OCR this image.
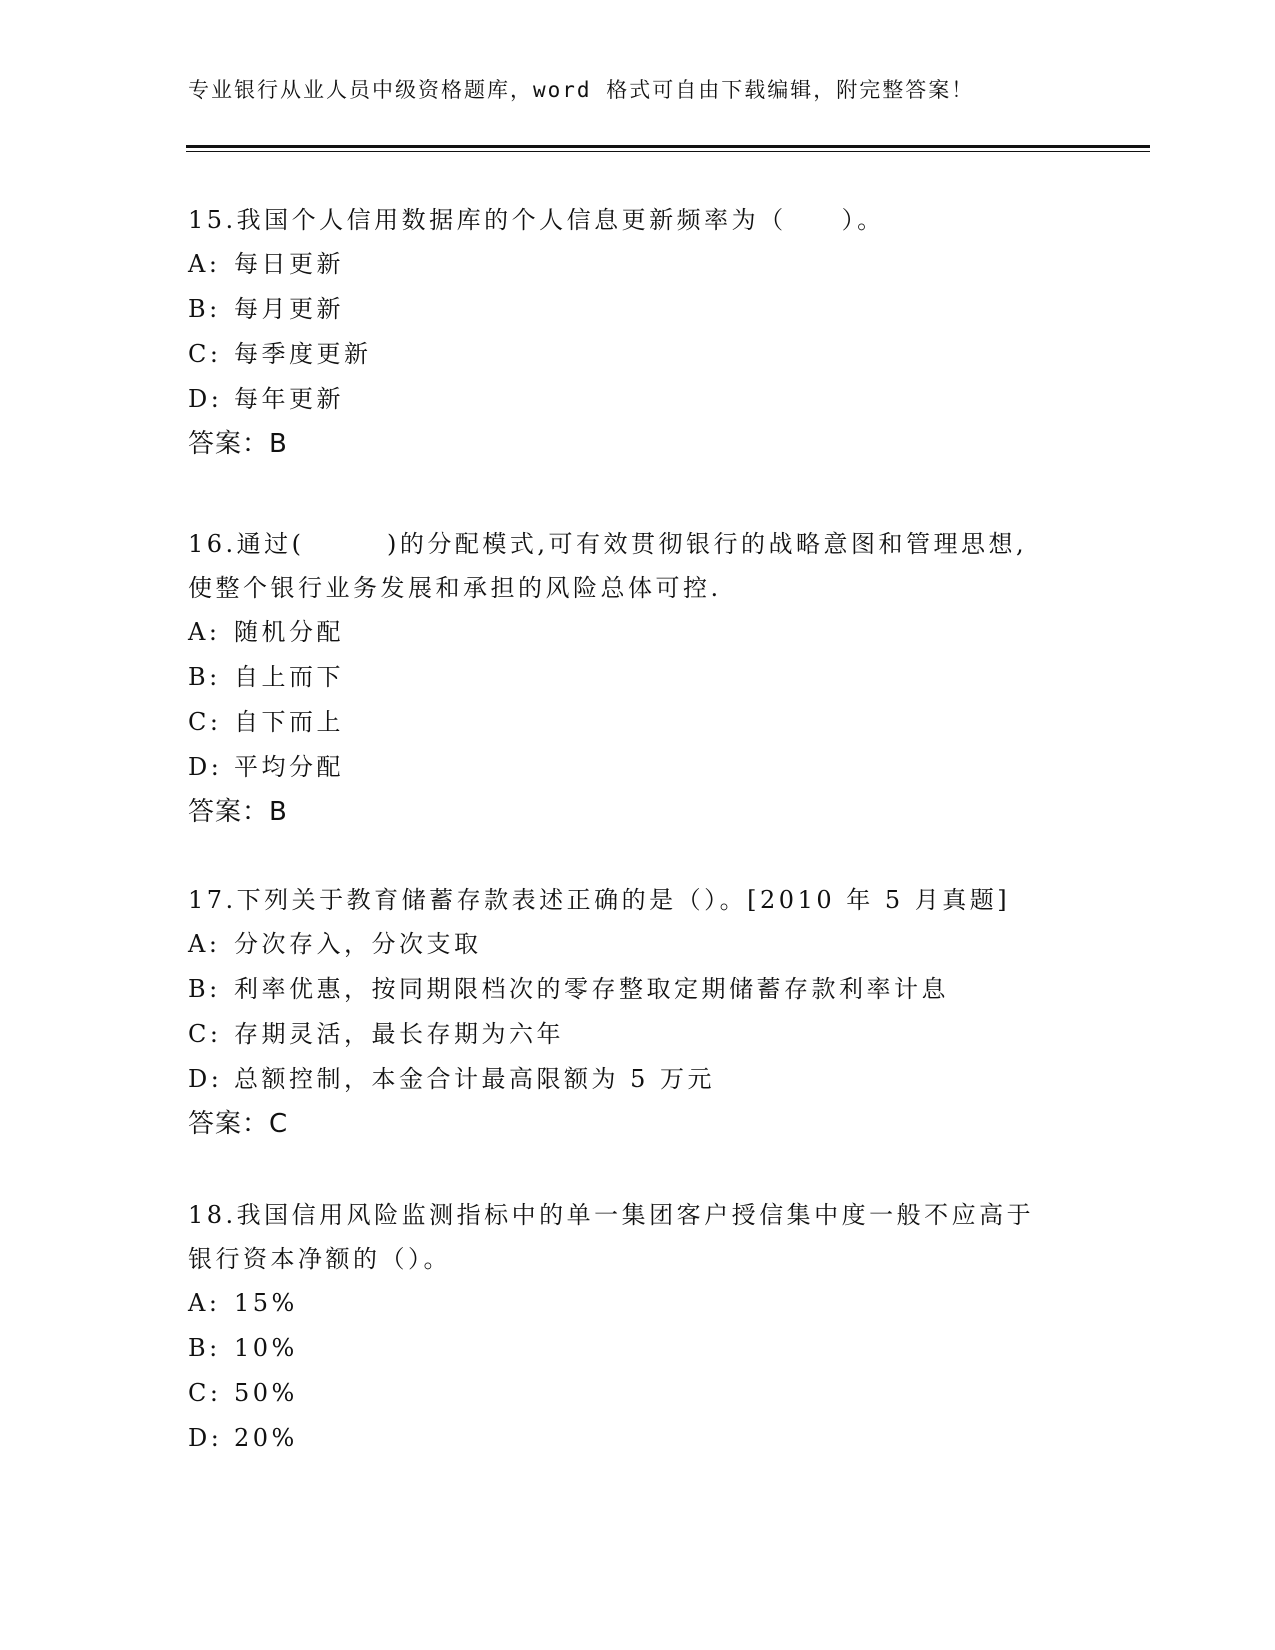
专业银行从业人员中级资格题库，word 格式可自由下载编辑，附完整答案！
15.我国个人信用数据库的个人信息更新频率为（　　）。
A: 每日更新
B: 每月更新
C: 每季度更新
D: 每年更新
答案：B
16.通过(　　　)的分配模式,可有效贯彻银行的战略意图和管理思想,
使整个银行业务发展和承担的风险总体可控.
A: 随机分配
B: 自上而下
C: 自下而上
D: 平均分配
答案：B
17.下列关于教育储蓄存款表述正确的是（）。[2010 年 5 月真题]
A: 分次存入，分次支取
B: 利率优惠，按同期限档次的零存整取定期储蓄存款利率计息
C: 存期灵活，最长存期为六年
D: 总额控制，本金合计最高限额为 5 万元
答案：C
18.我国信用风险监测指标中的单一集团客户授信集中度一般不应高于
银行资本净额的（）。
A: 15%
B: 10%
C: 50%
D: 20%
